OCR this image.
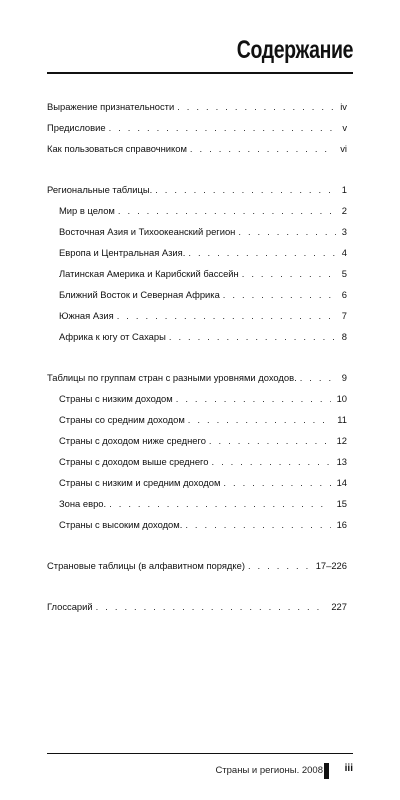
Содержание
Выражение признательности . . .	iv
Предисловие . . .	v
Как пользоваться справочником . . .	vi
Региональные таблицы. . . .	1
Мир в целом . . .	2
Восточная Азия и Тихоокеанский регион . . .	3
Европа и Центральная Азия. . . .	4
Латинская Америка и Карибский бассейн . . .	5
Ближний Восток и Северная Африка . . .	6
Южная Азия . . .	7
Африка к югу от Сахары . . .	8
Таблицы по группам стран с разными уровнями доходов. . . .	9
Страны с низким доходом . . .	10
Страны со средним доходом . . .	11
Страны с доходом ниже среднего . . .	12
Страны с доходом выше среднего . . .	13
Страны с низким и средним доходом . . .	14
Зона евро. . . .	15
Страны с высоким доходом. . . .	16
Страновые таблицы (в алфавитном порядке) . . .	17–226
Глоссарий . . .	227
Страны и регионы. 2008 iii
